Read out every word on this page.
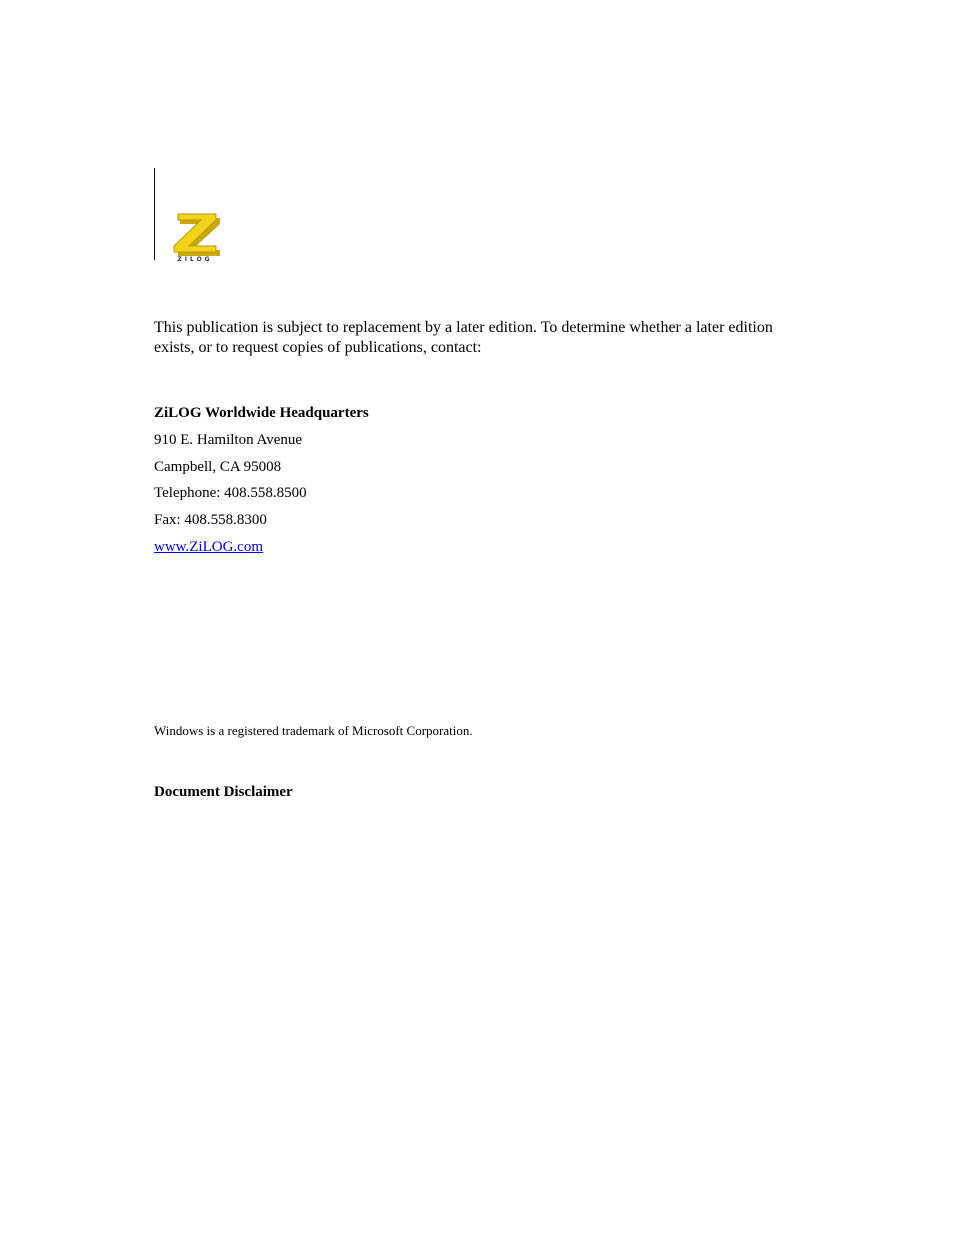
ZILOG

This publication is subject to replacement by a later edition. To determine whether a later edition exists, or to request copies of publications, contact:

ZiLOG Worldwide Headquarters
910 E. Hamilton Avenue
Campbell, CA 95008
Telephone: 408.558.8500
Fax: 408.558.8300
www.ZiLOG.com
Windows is a registered trademark of Microsoft Corporation.
Document Disclaimer
